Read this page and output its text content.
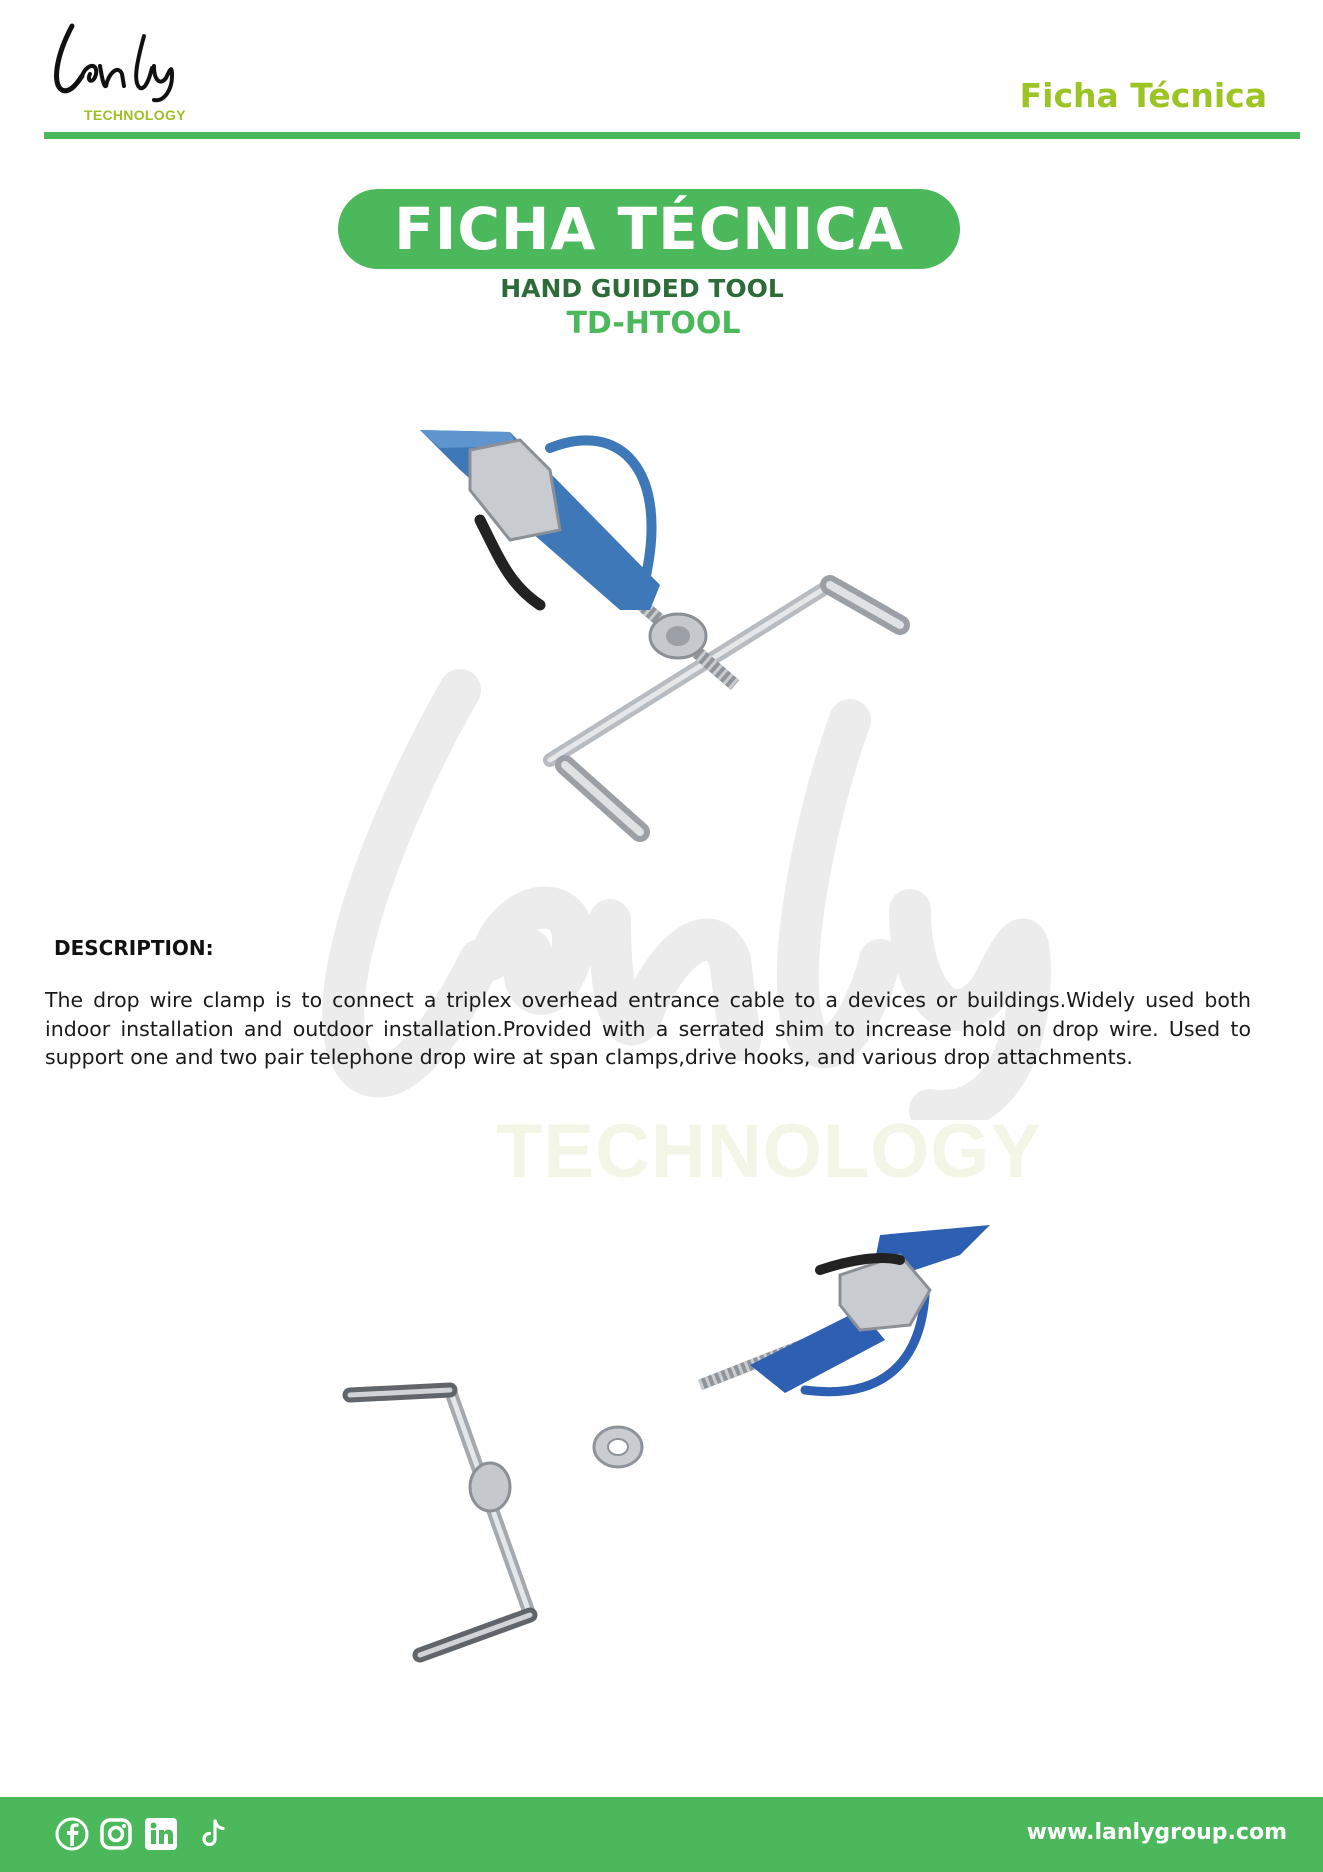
TECHNOLOGY	Ficha Técnica
TECHNOLOGY
FICHA TÉCNICA
HAND GUIDED TOOL
TD-HTOOL
DESCRIPTION:

The drop wire clamp is to connect a triplex overhead entrance cable to a devices or buildings.Widely used both indoor installation and outdoor installation.Provided with a serrated shim to increase hold on drop wire. Used to support one and two pair telephone drop wire at span clamps,drive hooks, and various drop attachments.

www.lanlygroup.com
